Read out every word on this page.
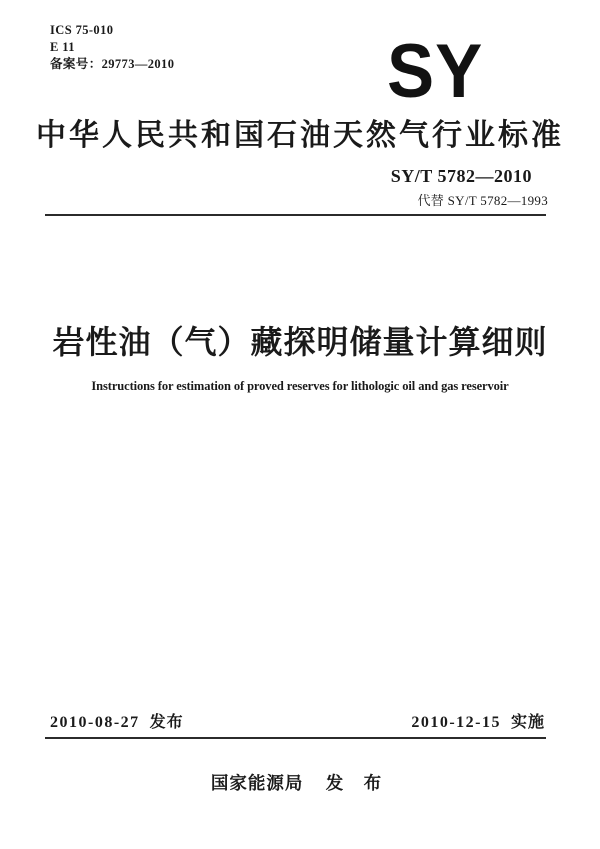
ICS 75-010
E 11
备案号：29773—2010	SY
中华人民共和国石油天然气行业标准
SY/T 5782—2010
代替 SY/T 5782—1993
岩性油（气）藏探明储量计算细则
Instructions for estimation of proved reserves for lithologic oil and gas reservoir
2010-08-27 发布	2010-12-15 实施
国家能源局 发 布
